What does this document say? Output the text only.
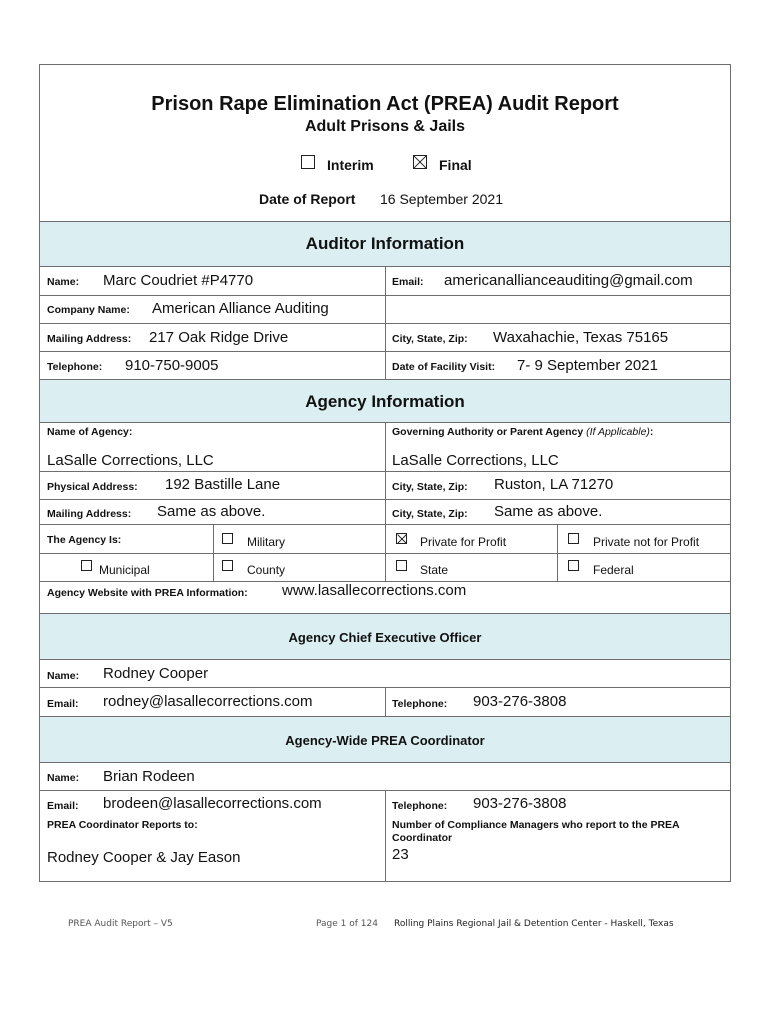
Prison Rape Elimination Act (PREA) Audit Report
Adult Prisons & Jails
Interim	Final
Date of Report 16 September 2021
Auditor Information
Name: Marc Coudriet #P4770	Email: americanallianceauditing@gmail.com
Company Name: American Alliance Auditing
Mailing Address: 217 Oak Ridge Drive	City, State, Zip: Waxahachie, Texas 75165
Telephone: 910-750-9005	Date of Facility Visit: 7- 9 September 2021
Agency Information
Name of Agency:
LaSalle Corrections, LLC
Governing Authority or Parent Agency (If Applicable):
LaSalle Corrections, LLC
Physical Address: 192 Bastille Lane	City, State, Zip: Ruston, LA 71270
Mailing Address: Same as above.	City, State, Zip: Same as above.
The Agency Is:	Military	Private for Profit	Private not for Profit
Municipal	County	State	Federal
Agency Website with PREA Information: www.lasallecorrections.com
Agency Chief Executive Officer
Name: Rodney Cooper
Email: rodney@lasallecorrections.com	Telephone: 903-276-3808
Agency-Wide PREA Coordinator
Name: Brian Rodeen
Email: brodeen@lasallecorrections.com	Telephone: 903-276-3808
PREA Coordinator Reports to:
Rodney Cooper & Jay Eason
Number of Compliance Managers who report to the PREA
Coordinator
23
PREA Audit Report – V5	Page 1 of 124 Rolling Plains Regional Jail & Detention Center - Haskell, Texas
